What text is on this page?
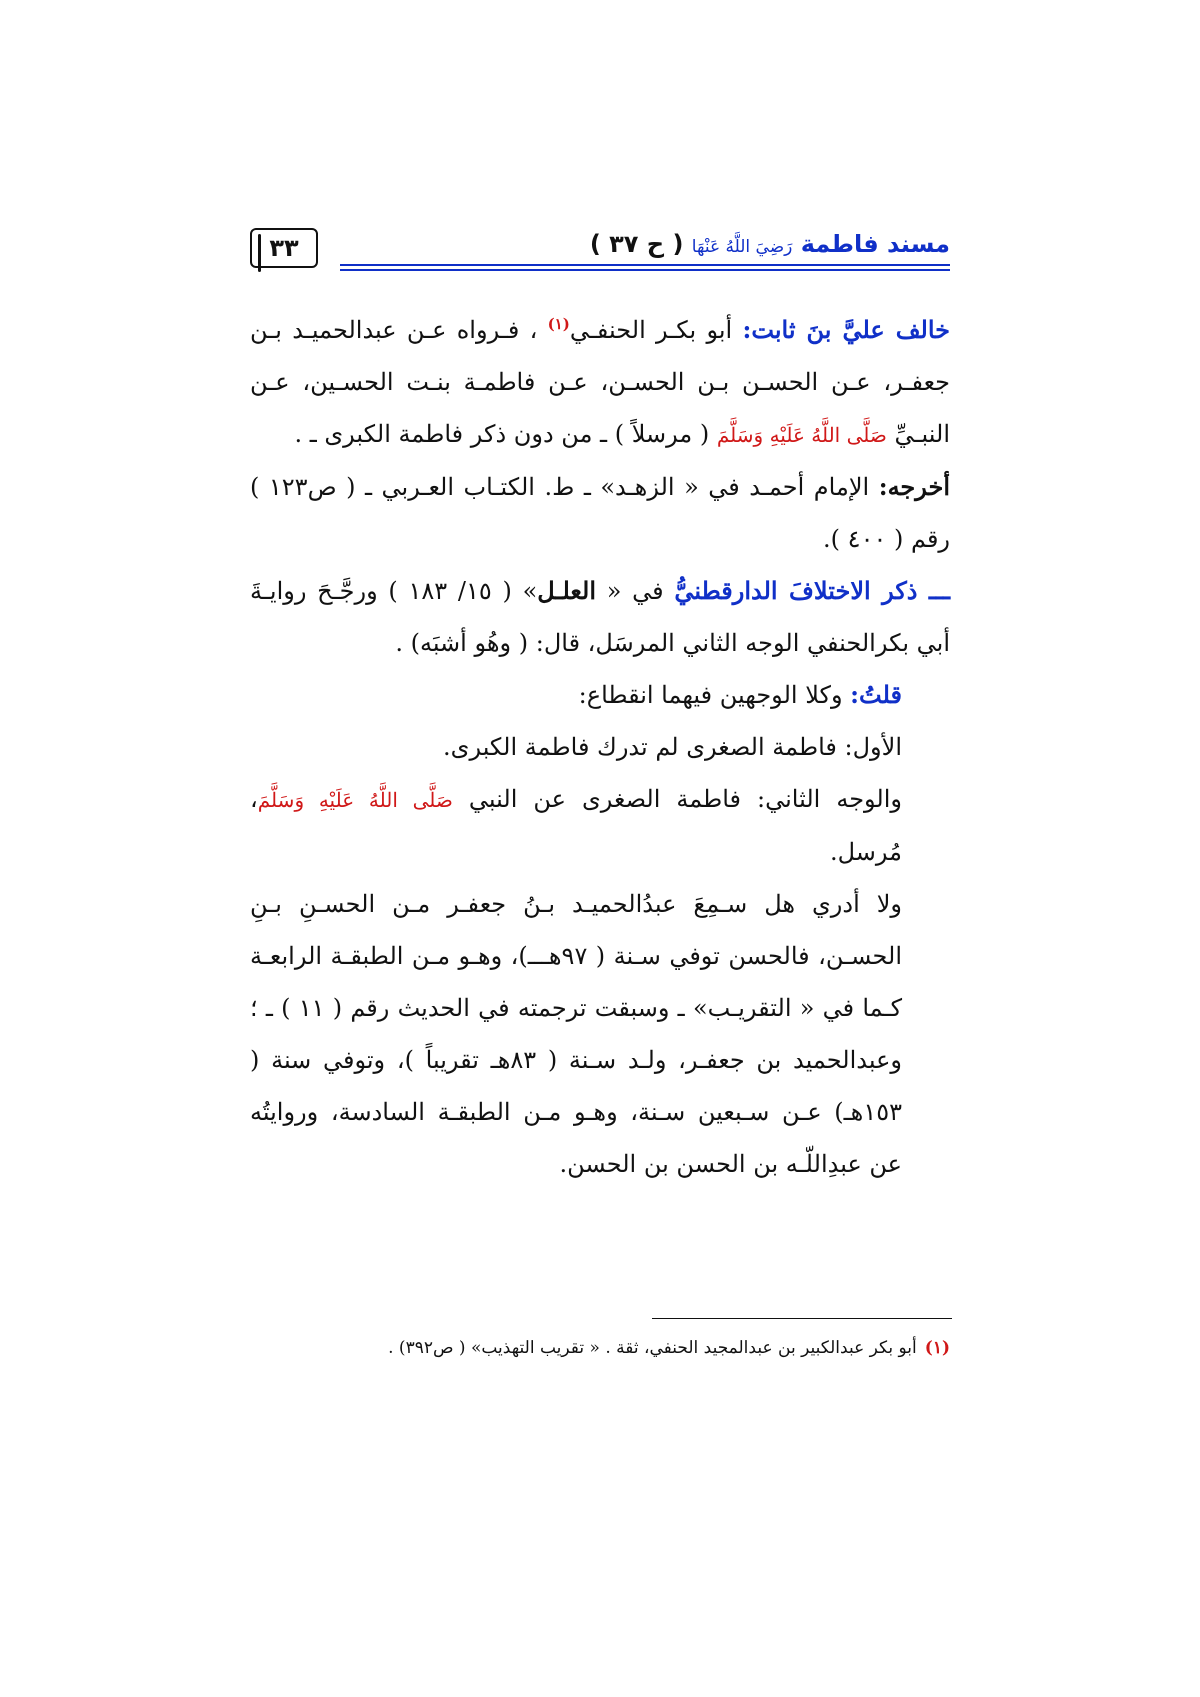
٣٣	مسند فاطمة رَضِيَ اللَّهُ عَنْهَا ( ح ٣٧ )

خالف عليَّ بنَ ثابت: أبو بكـر الحنفـي$^{(١)}$ ، فـرواه عـن عبدالحميـد بـن جعفـر، عـن الحسـن بـن الحسـن، عـن فاطمـة بنـت الحسـين، عـن النبـيِّ صَلَّى اللَّهُ عَلَيْهِ وَسَلَّمَ ( مرسلاً ) ـ من دون ذكر فاطمة الكبرى ـ .

أخرجه: الإمام أحمـد في « الزهـد» ـ ط. الكتـاب العـربي ـ ( ص١٢٣ ) رقم ( ٤٠٠ ).

ـــ ذكر الاختلافَ الدارقطنيُّ في « العلـل» ( ١٥/ ١٨٣ ) ورجَّـحَ روايـةَ أبي بكرالحنفي الوجه الثاني المرسَل، قال: ( وهُو أشبَه) .

قلتُ: وكلا الوجهين فيهما انقطاع:

الأول: فاطمة الصغرى لم تدرك فاطمة الكبرى.

والوجه الثاني: فاطمة الصغرى عن النبي صَلَّى اللَّهُ عَلَيْهِ وَسَلَّمَ، مُرسل.

ولا أدري هل سـمِعَ عبدُالحميـد بـنُ جعفـر مـن الحسـنِ بـنِ الحسـن، فالحسن توفي سـنة ( ٩٧هـــ)، وهـو مـن الطبقـة الرابعـة كـما في « التقريـب» ـ وسبقت ترجمته في الحديث رقم ( ١١ ) ـ ؛ وعبدالحميد بن جعفـر، ولـد سـنة ( ٨٣هـ تقريباً )، وتوفي سنة ( ١٥٣هـ) عـن سـبعين سـنة، وهـو مـن الطبقـة السادسة، وروايتُه عن عبدِاللّـه بن الحسن بن الحسن.

(١)أبو بكر عبدالكبير بن عبدالمجيد الحنفي، ثقة . « تقريب التهذيب» ( ص٣٩٢) .
